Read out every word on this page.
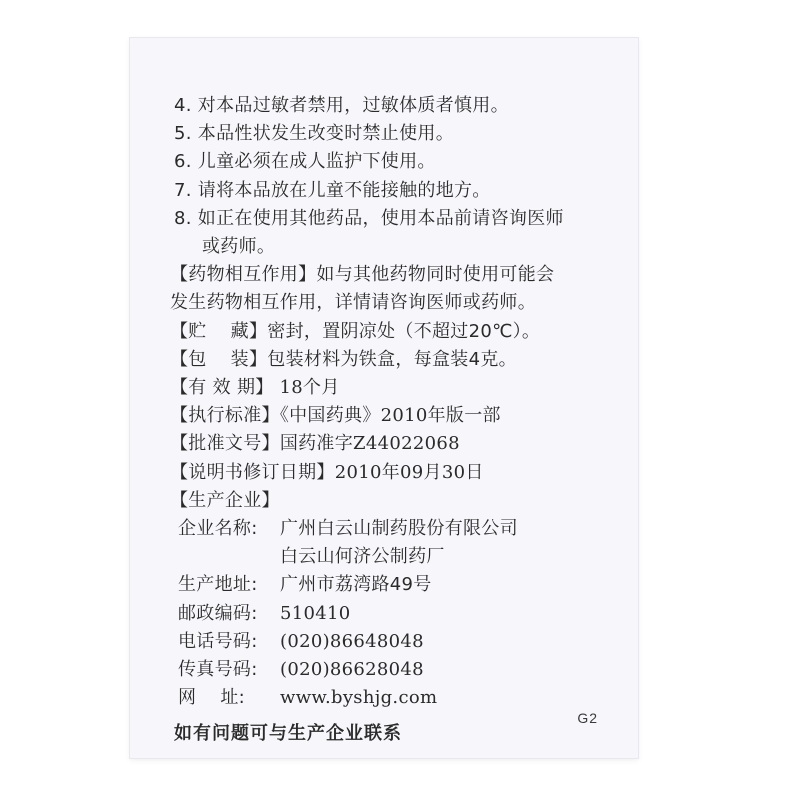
4. 对本品过敏者禁用，过敏体质者慎用。
5. 本品性状发生改变时禁止使用。
6. 儿童必须在成人监护下使用。
7. 请将本品放在儿童不能接触的地方。
8. 如正在使用其他药品，使用本品前请咨询医师
或药师。
【药物相互作用】如与其他药物同时使用可能会
发生药物相互作用，详情请咨询医师或药师。
【贮    藏】密封，置阴凉处（不超过20℃）。
【包    装】包装材料为铁盒，每盒装4克。
【有 效 期】 18个月
【执行标准】《中国药典》2010年版一部
【批准文号】国药准字Z44022068
【说明书修订日期】2010年09月30日
【生产企业】
企业名称: 广州白云山制药股份有限公司
白云山何济公制药厂
生产地址: 广州市荔湾路49号
邮政编码: 510410
电话号码: (020)86648048
传真号码: (020)86628048
网    址: www.byshjg.com
如有问题可与生产企业联系
G2
